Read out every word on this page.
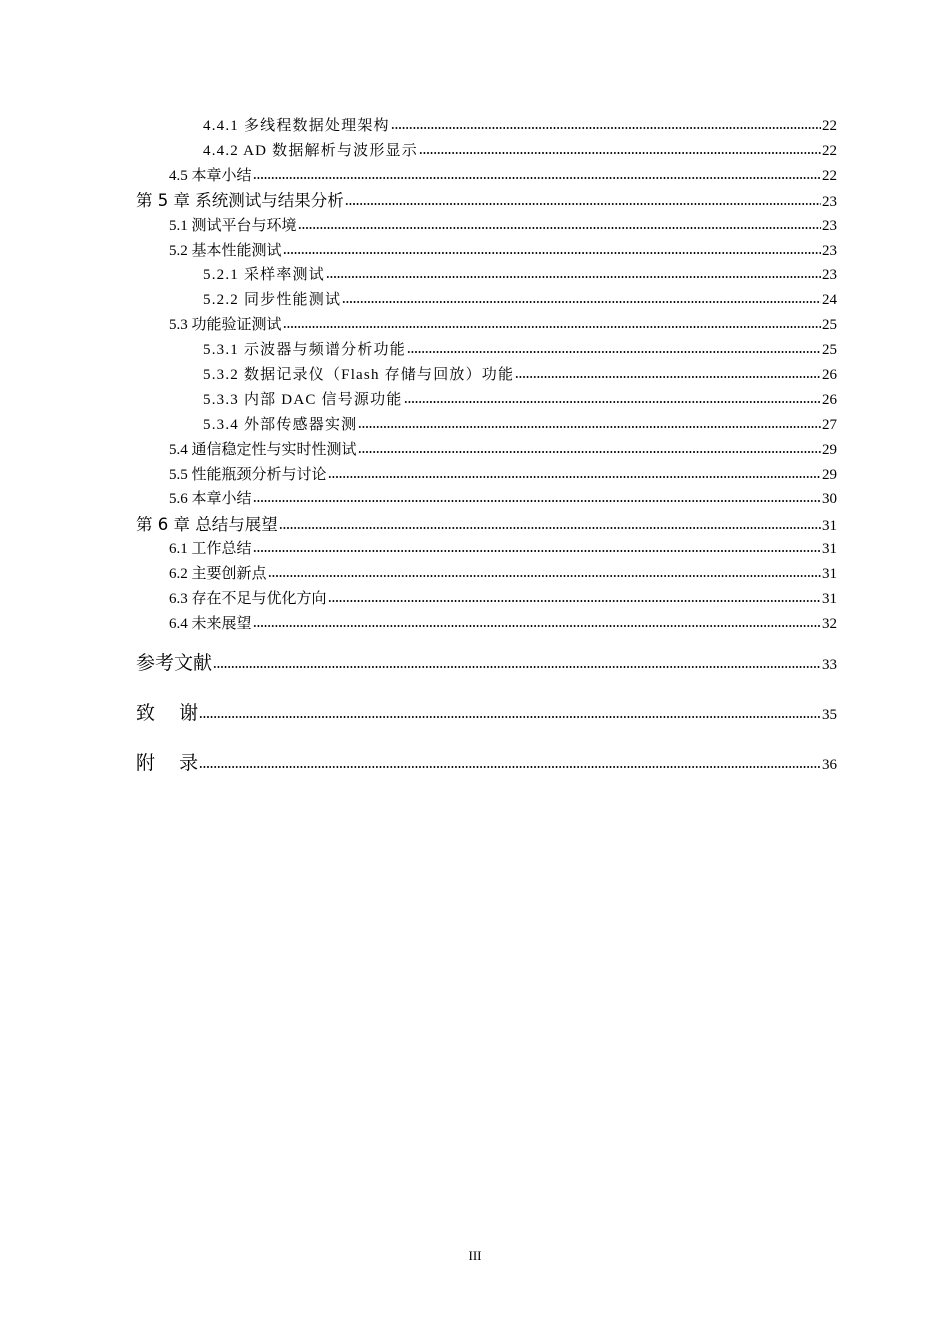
4.4.1 多线程数据处理架构	22
4.4.2 AD 数据解析与波形显示	22
4.5 本章小结	22
第 5 章 系统测试与结果分析	23
5.1 测试平台与环境	23
5.2 基本性能测试	23
5.2.1 采样率测试	23
5.2.2 同步性能测试	24
5.3 功能验证测试	25
5.3.1 示波器与频谱分析功能	25
5.3.2 数据记录仪（Flash 存储与回放）功能	26
5.3.3 内部 DAC 信号源功能	26
5.3.4 外部传感器实测	27
5.4 通信稳定性与实时性测试	29
5.5 性能瓶颈分析与讨论	29
5.6 本章小结	30
第 6 章 总结与展望	31
6.1 工作总结	31
6.2 主要创新点	31
6.3 存在不足与优化方向	31
6.4 未来展望	32
参考文献	33
致    谢	35
附    录	36
III
